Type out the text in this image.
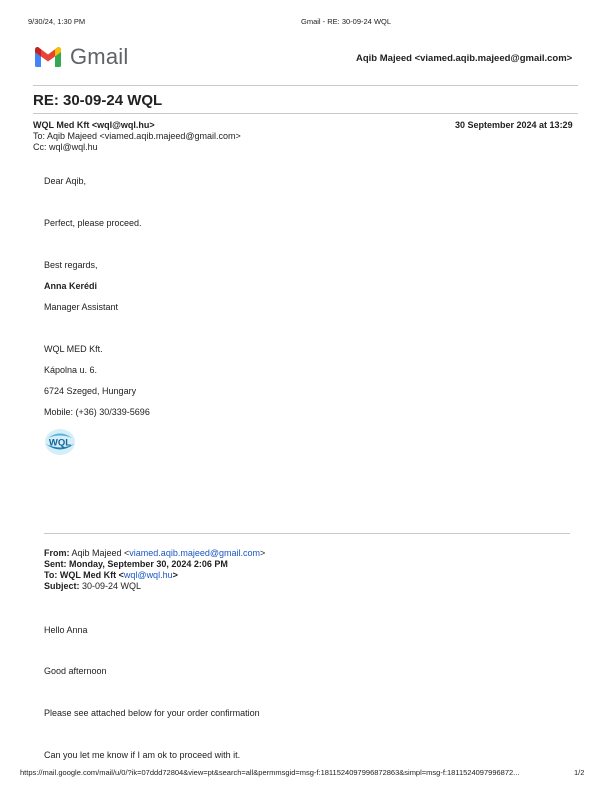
9/30/24, 1:30 PM	Gmail - RE: 30-09-24 WQL
Gmail	Aqib Majeed <viamed.aqib.majeed@gmail.com>
RE: 30-09-24 WQL
WQL Med Kft <wql@wql.hu>	30 September 2024 at 13:29
To: Aqib Majeed <viamed.aqib.majeed@gmail.com>
Cc: wql@wql.hu
Dear Aqib,
Perfect, please proceed.
Best regards,
Anna Kerédi
Manager Assistant
WQL MED Kft.
Kápolna u. 6.
6724 Szeged, Hungary
Mobile: (+36) 30/339-5696
WQL
From: Aqib Majeed <viamed.aqib.majeed@gmail.com>
Sent: Monday, September 30, 2024 2:06 PM
To: WQL Med Kft <wql@wql.hu>
Subject: 30-09-24 WQL
Hello Anna
Good afternoon
Please see attached below for your order confirmation
Can you let me know if I am ok to proceed with it.
https://mail.google.com/mail/u/0/?ik=07ddd72804&view=pt&search=all&permmsgid=msg-f:1811524097996872863&simpl=msg-f:1811524097996872...	1/2
